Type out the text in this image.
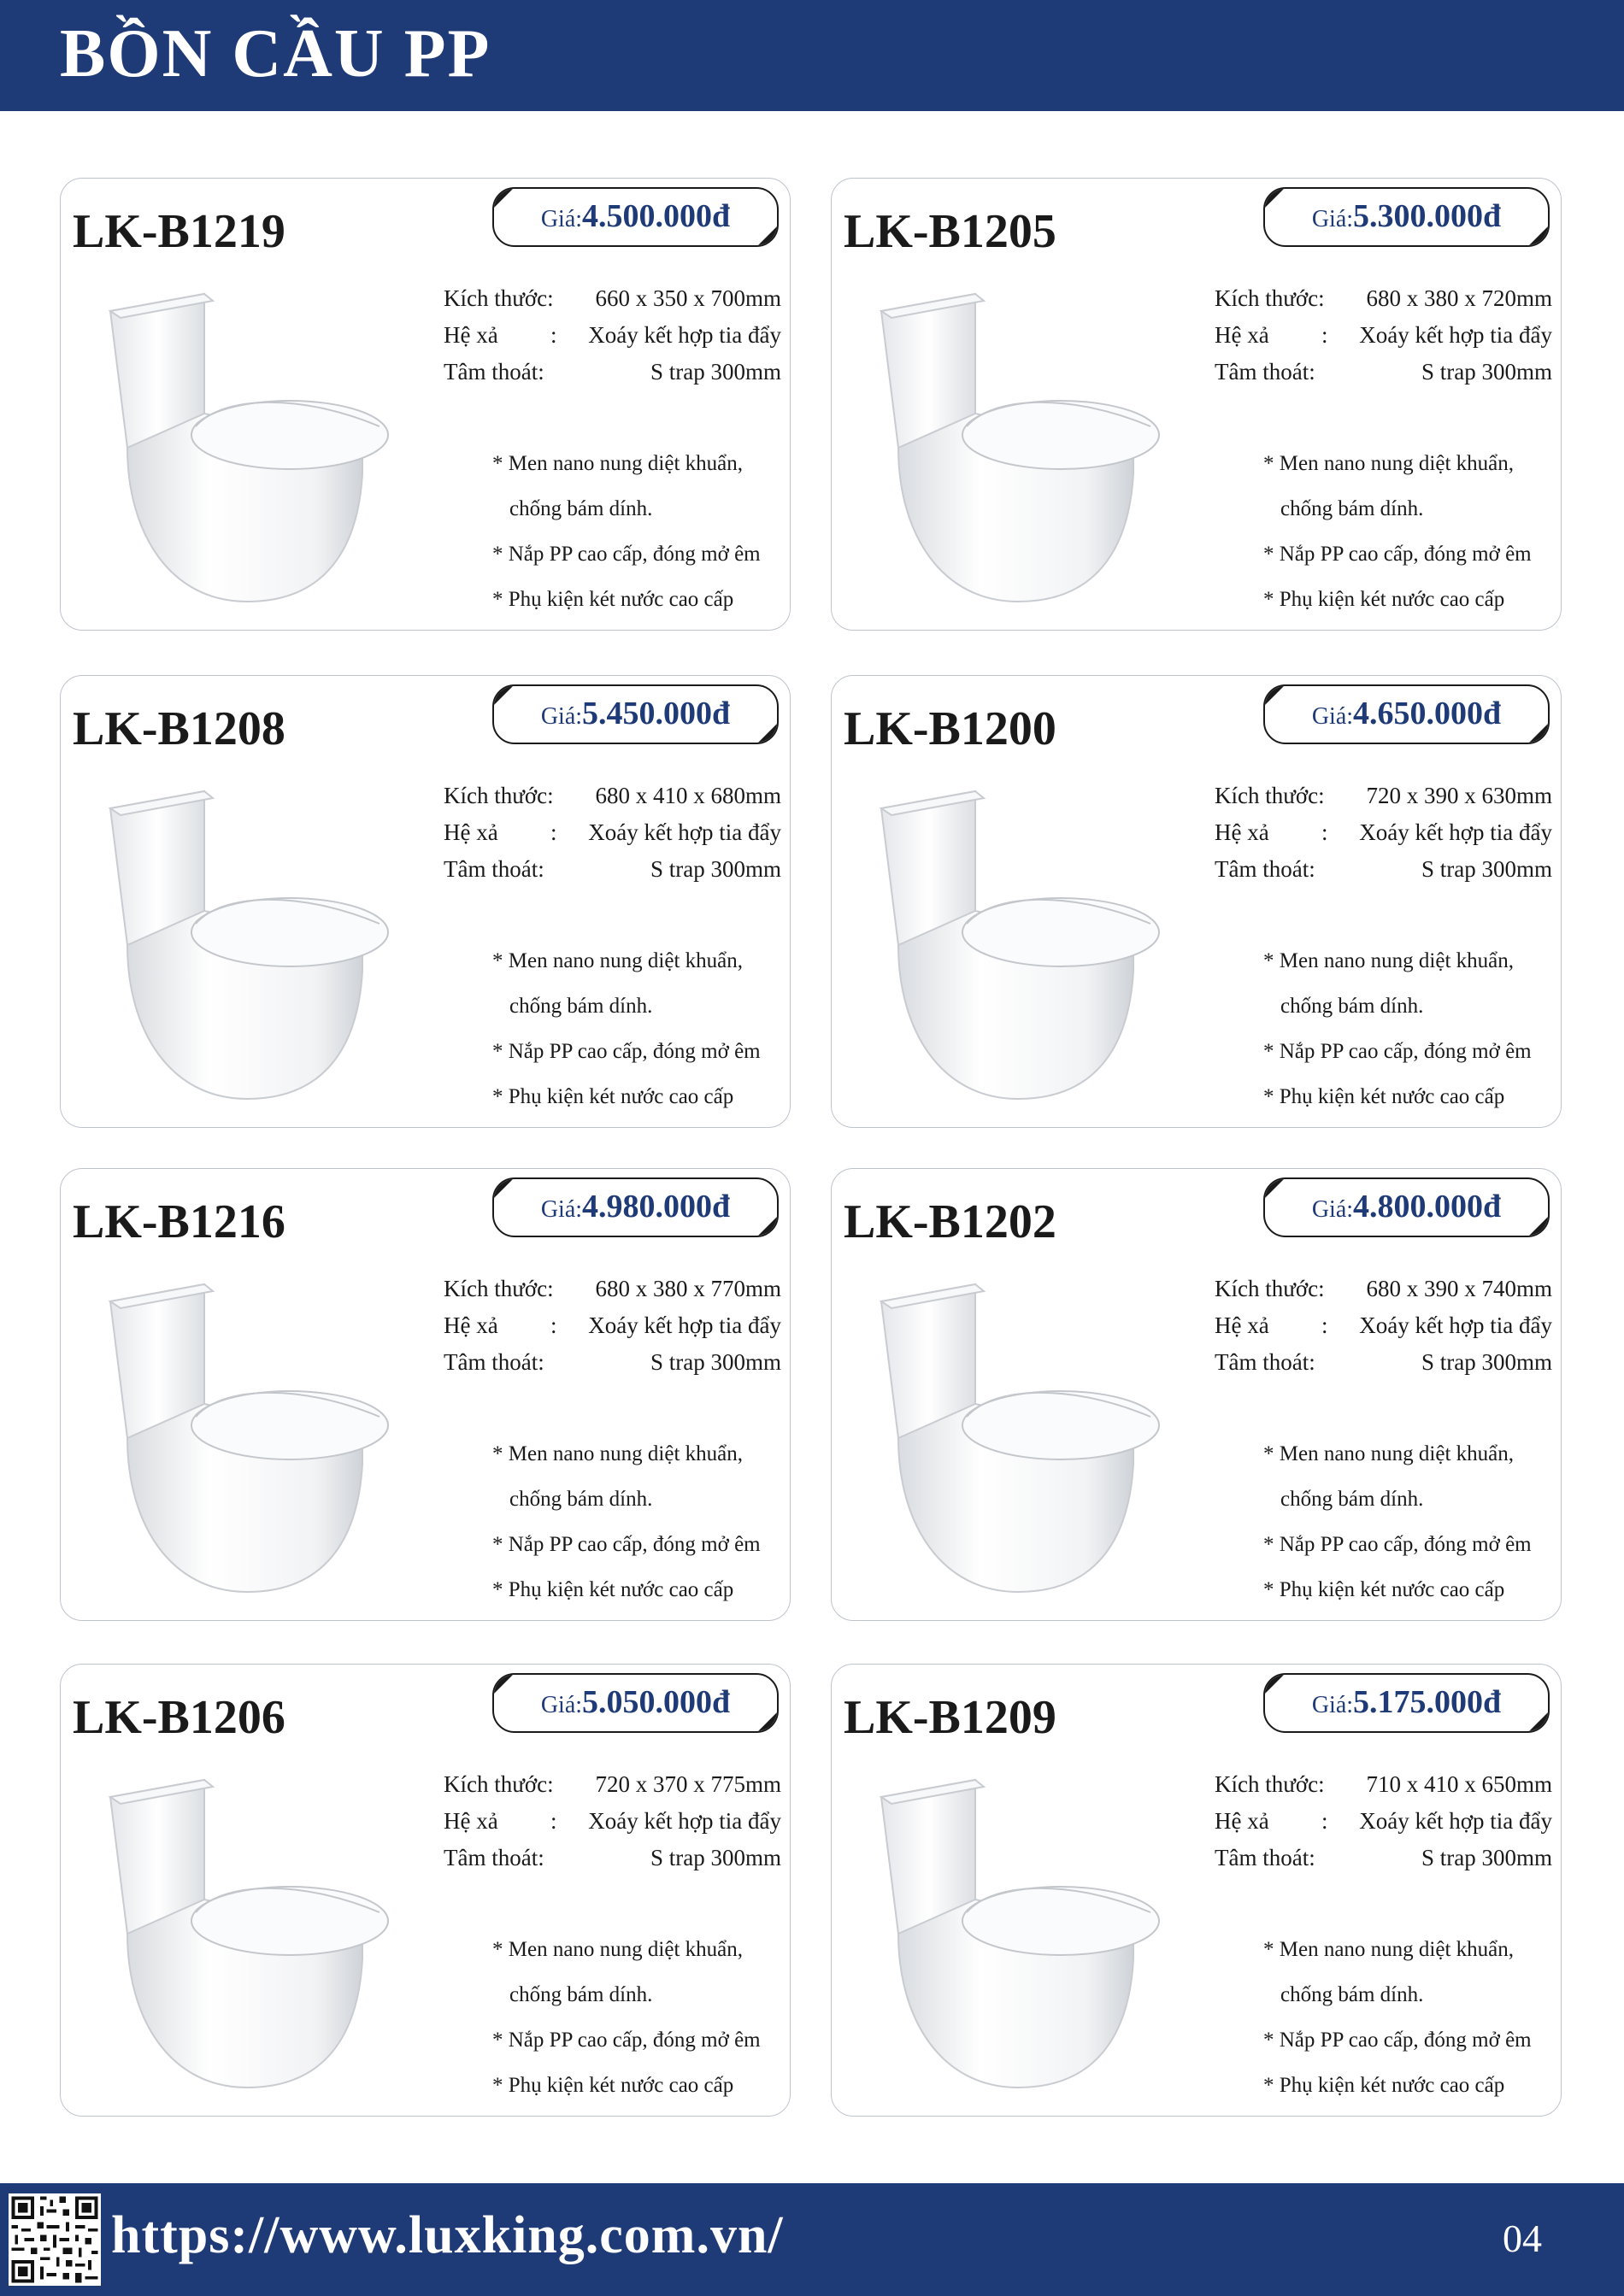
BỒN CẦU PP
LK-B1219	Giá:4.500.000đ
Kích thước: 660 x 350 x 700mm
Hệ xả : Xoáy kết hợp tia đẩy
Tâm thoát:	S trap 300mm
* Men nano nung diệt khuẩn,
chống bám dính.
* Nắp PP cao cấp, đóng mở êm
* Phụ kiện két nước cao cấp
LK-B1205	Giá:5.300.000đ
Kích thước: 680 x 380 x 720mm
Hệ xả : Xoáy kết hợp tia đẩy
Tâm thoát:	S trap 300mm
* Men nano nung diệt khuẩn,
chống bám dính.
* Nắp PP cao cấp, đóng mở êm
* Phụ kiện két nước cao cấp
LK-B1208	Giá:5.450.000đ
Kích thước: 680 x 410 x 680mm
Hệ xả : Xoáy kết hợp tia đẩy
Tâm thoát:	S trap 300mm
* Men nano nung diệt khuẩn,
chống bám dính.
* Nắp PP cao cấp, đóng mở êm
* Phụ kiện két nước cao cấp
LK-B1200	Giá:4.650.000đ
Kích thước: 720 x 390 x 630mm
Hệ xả : Xoáy kết hợp tia đẩy
Tâm thoát:	S trap 300mm
* Men nano nung diệt khuẩn,
chống bám dính.
* Nắp PP cao cấp, đóng mở êm
* Phụ kiện két nước cao cấp
LK-B1216	Giá:4.980.000đ
Kích thước: 680 x 380 x 770mm
Hệ xả : Xoáy kết hợp tia đẩy
Tâm thoát:	S trap 300mm
* Men nano nung diệt khuẩn,
chống bám dính.
* Nắp PP cao cấp, đóng mở êm
* Phụ kiện két nước cao cấp
LK-B1202	Giá:4.800.000đ
Kích thước: 680 x 390 x 740mm
Hệ xả : Xoáy kết hợp tia đẩy
Tâm thoát:	S trap 300mm
* Men nano nung diệt khuẩn,
chống bám dính.
* Nắp PP cao cấp, đóng mở êm
* Phụ kiện két nước cao cấp
LK-B1206	Giá:5.050.000đ
Kích thước: 720 x 370 x 775mm
Hệ xả : Xoáy kết hợp tia đẩy
Tâm thoát:	S trap 300mm
* Men nano nung diệt khuẩn,
chống bám dính.
* Nắp PP cao cấp, đóng mở êm
* Phụ kiện két nước cao cấp
LK-B1209	Giá:5.175.000đ
Kích thước: 710 x 410 x 650mm
Hệ xả : Xoáy kết hợp tia đẩy
Tâm thoát:	S trap 300mm
* Men nano nung diệt khuẩn,
chống bám dính.
* Nắp PP cao cấp, đóng mở êm
* Phụ kiện két nước cao cấp
https://www.luxking.com.vn/	04
